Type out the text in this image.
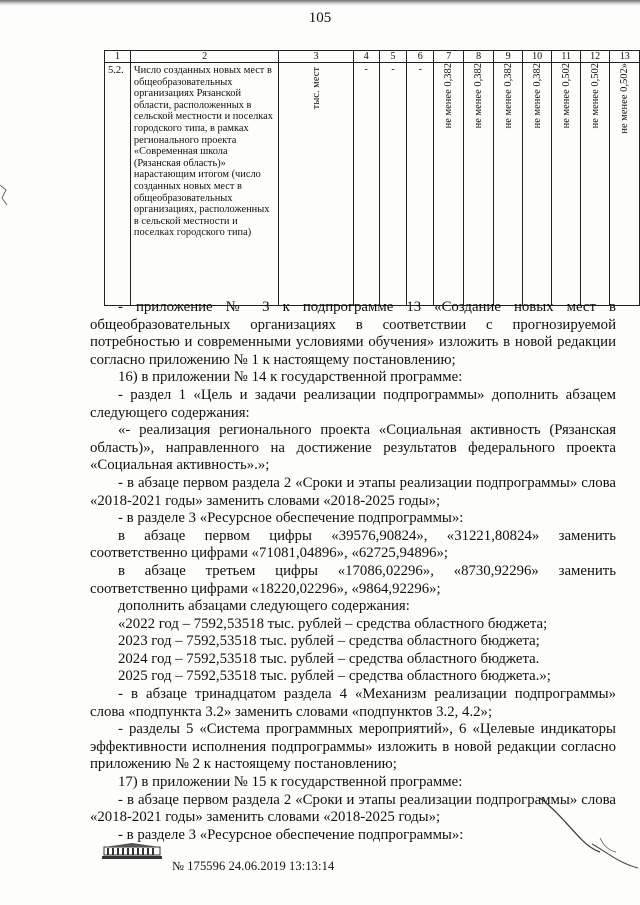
105
1	2	3	4	5	6	7	8	9	10	11	12	13
5.2.	Число созданных новых мест в общеобразовательных организациях Рязанской области, расположенных в сельской местности и поселках городского типа, в рамках регионального проекта «Современная школа (Рязанская область)» нарастающим итогом (число созданных новых мест в общеобразовательных организациях, расположенных в сельской местности и поселках городского типа)	тыс. мест	-	-	-	не менее 0,382	не менее 0,382	не менее 0,382	не менее 0,382	не менее 0,502	не менее 0,502	не менее 0,502»

- приложение № 3 к подпрограмме 13 «Создание новых мест в общеобразовательных организациях в соответствии с прогнозируемой потребностью и современными условиями обучения» изложить в новой редакции согласно приложению № 1 к настоящему постановлению;

16) в приложении № 14 к государственной программе:

- раздел 1 «Цель и задачи реализации подпрограммы» дополнить абзацем следующего содержания:

«- реализация регионального проекта «Социальная активность (Рязанская область)», направленного на достижение результатов федерального проекта «Социальная активность».»;

- в абзаце первом раздела 2 «Сроки и этапы реализации подпрограммы» слова «2018-2021 годы» заменить словами «2018-2025 годы»;

- в разделе 3 «Ресурсное обеспечение подпрограммы»:

в абзаце первом цифры «39576,90824», «31221,80824» заменить соответственно цифрами «71081,04896», «62725,94896»;

в абзаце третьем цифры «17086,02296», «8730,92296» заменить соответственно цифрами «18220,02296», «9864,92296»;

дополнить абзацами следующего содержания:

«2022 год – 7592,53518 тыс. рублей – средства областного бюджета;

2023 год – 7592,53518 тыс. рублей – средства областного бюджета;

2024 год – 7592,53518 тыс. рублей – средства областного бюджета.

2025 год – 7592,53518 тыс. рублей – средства областного бюджета.»;

- в абзаце тринадцатом раздела 4 «Механизм реализации подпрограммы» слова «подпункта 3.2» заменить словами «подпунктов 3.2, 4.2»;

- разделы 5 «Система программных мероприятий», 6 «Целевые индикаторы эффективности исполнения подпрограммы» изложить в новой редакции согласно приложению № 2 к настоящему постановлению;

17) в приложении № 15 к государственной программе:

- в абзаце первом раздела 2 «Сроки и этапы реализации подпрограммы» слова «2018-2021 годы» заменить словами «2018-2025 годы»;

- в разделе 3 «Ресурсное обеспечение подпрограммы»:

№ 175596 24.06.2019 13:13:14
